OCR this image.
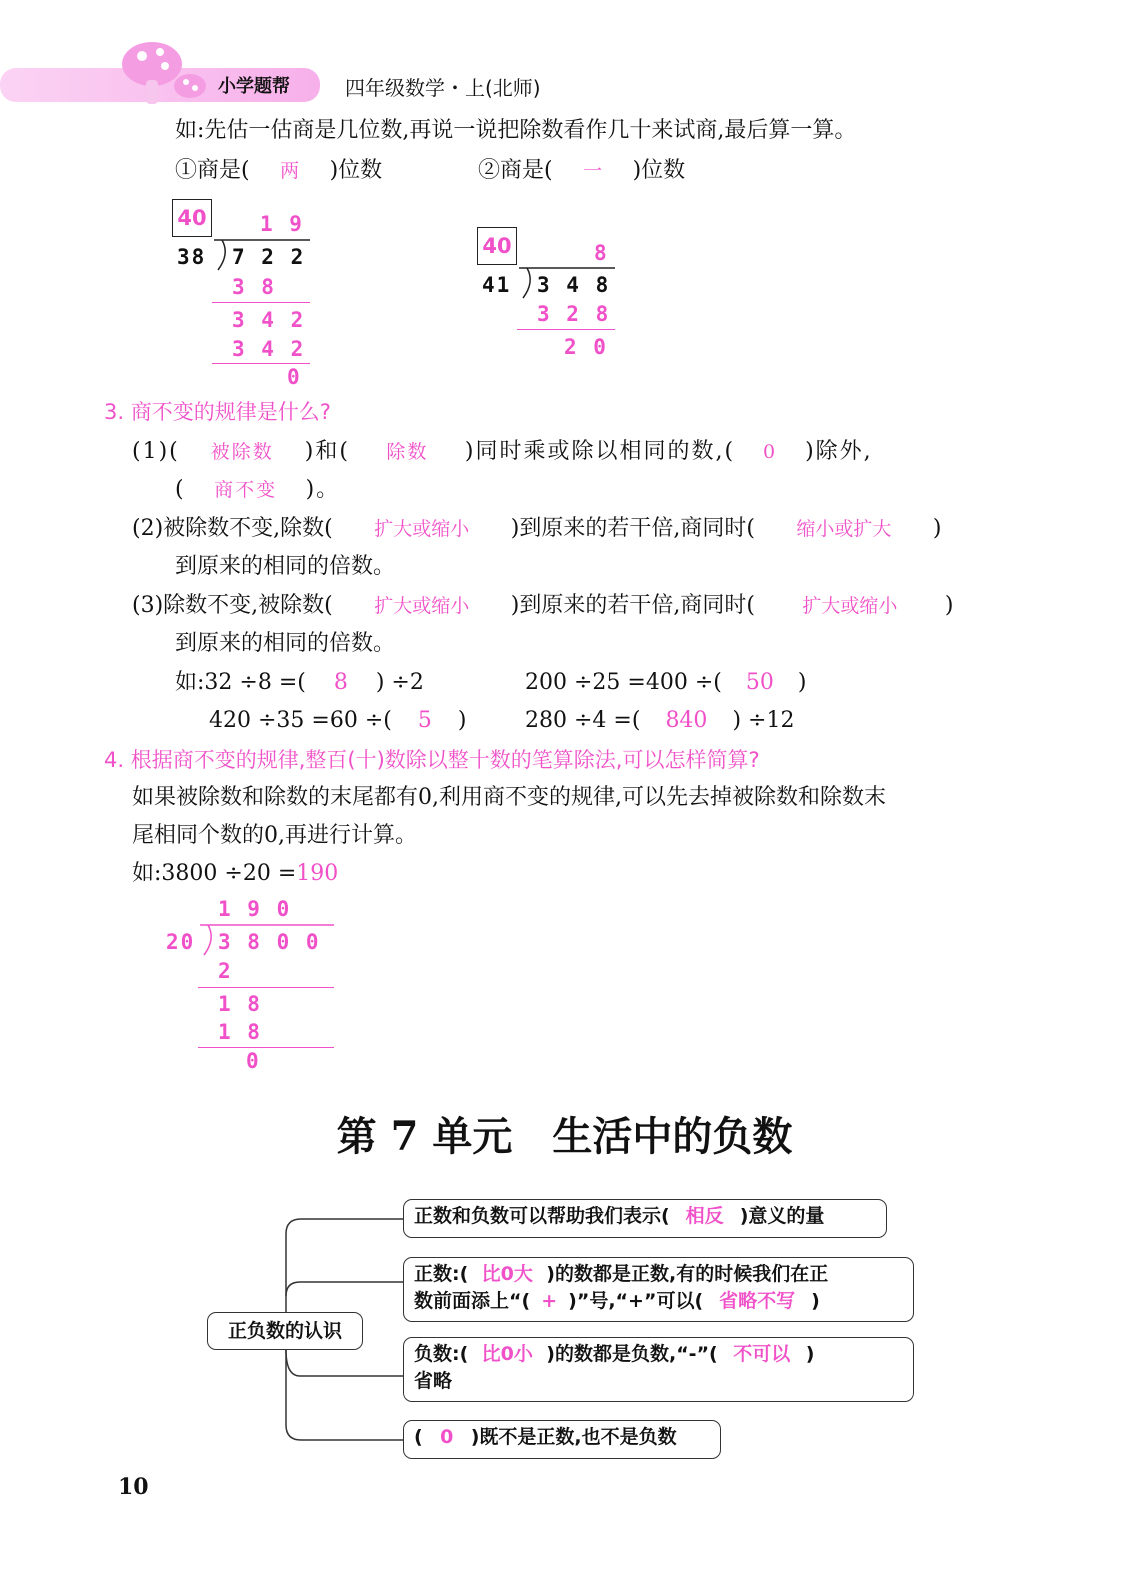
小学题帮	四年级数学・上(北师)
如:先估一估商是几位数,再说一说把除数看作几十来试商,最后算一算。
①商是( 两 )位数	②商是( 一 )位数
40	1 9
38 7 2 2
3 8
3 4 2
3 4 2
0
40	8
41 3 4 8
3 2 8
2 0
3. 商不变的规律是什么?
(1)( 被除数 )和( 除数 )同时乘或除以相同的数,( 0 )除外,
( 商不变 )。
(2)被除数不变,除数( 扩大或缩小 )到原来的若干倍,商同时( 缩小或扩大 )
到原来的相同的倍数。
(3)除数不变,被除数( 扩大或缩小 )到原来的若干倍,商同时( 扩大或缩小 )
到原来的相同的倍数。
如:32 ÷8 =( 8 ) ÷2	200 ÷25 =400 ÷( 50 )
420 ÷35 =60 ÷( 5 )	280 ÷4 =( 840 ) ÷12
4. 根据商不变的规律,整百(十)数除以整十数的笔算除法,可以怎样简算?
如果被除数和除数的末尾都有0,利用商不变的规律,可以先去掉被除数和除数末
尾相同个数的0,再进行计算。
如:3800 ÷20 =190
1 9 0
20 3 8 0 0
2
1 8
1 8
0
第 7 单元　生活中的负数
正负数的认识
正数和负数可以帮助我们表示( 相反 )意义的量
正数:( 比0大 )的数都是正数,有的时候我们在正
数前面添上“( + )”号,“+”可以( 省略不写 )
负数:( 比0小 )的数都是负数,“-”( 不可以 )
省略
( 0 )既不是正数,也不是负数
10
